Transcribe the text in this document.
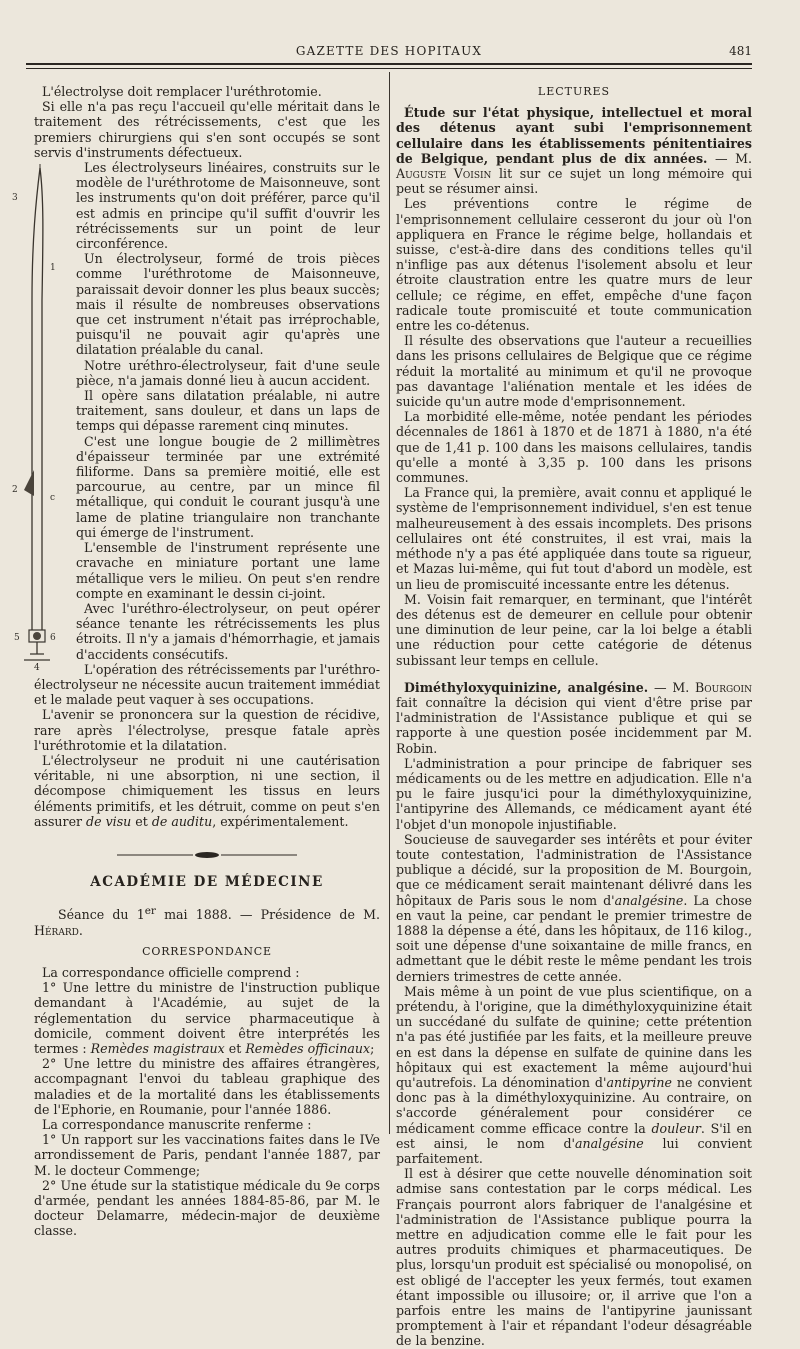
GAZETTE DES HOPITAUX	481

L'électrolyse doit remplacer l'uréthrotomie.

Si elle n'a pas reçu l'accueil qu'elle méritait dans le traitement des rétrécissements, c'est que les premiers chirurgiens qui s'en sont occupés se sont servis d'instruments défectueux.

3
1
2
c
5	6
4

Les électrolyseurs linéaires, construits sur le modèle de l'uréthrotome de Maisonneuve, sont les instruments qu'on doit préférer, parce qu'il est admis en principe qu'il suffit d'ouvrir les rétrécissements sur un point de leur circonférence.

Un électrolyseur, formé de trois pièces comme l'uréthrotome de Maisonneuve, paraissait devoir donner les plus beaux succès; mais il résulte de nombreuses observations que cet instrument n'était pas irréprochable, puisqu'il ne pouvait agir qu'après une dilatation préalable du canal.

Notre uréthro-électrolyseur, fait d'une seule pièce, n'a jamais donné lieu à aucun accident.

Il opère sans dilatation préalable, ni autre traitement, sans douleur, et dans un laps de temps qui dépasse rarement cinq minutes.

C'est une longue bougie de 2 millimètres d'épaisseur terminée par une extrémité filiforme. Dans sa première moitié, elle est parcourue, au centre, par un mince fil métallique, qui conduit le courant jusqu'à une lame de platine triangulaire non tranchante qui émerge de l'instrument.

L'ensemble de l'instrument représente une cravache en miniature portant une lame métallique vers le milieu. On peut s'en rendre compte en examinant le dessin ci-joint.

Avec l'uréthro-électrolyseur, on peut opérer séance tenante les rétrécissements les plus étroits. Il n'y a jamais d'hémorrhagie, et jamais d'accidents consécutifs.

L'opération des rétrécissements par l'uréthro-électrolyseur ne nécessite aucun traitement immédiat et le malade peut vaquer à ses occupations.

L'avenir se prononcera sur la question de récidive, rare après l'électrolyse, presque fatale après l'uréthrotomie et la dilatation.

L'électrolyseur ne produit ni une cautérisation véritable, ni une absorption, ni une section, il décompose chimiquement les tissus en leurs éléments primitifs, et les détruit, comme on peut s'en assurer de visu et de auditu, expérimentalement.

ACADÉMIE DE MÉDECINE

Séance du 1er mai 1888. — Présidence de M. Hérard.

CORRESPONDANCE

La correspondance officielle comprend :

1° Une lettre du ministre de l'instruction publique demandant à l'Académie, au sujet de la réglementation du service pharmaceutique à domicile, comment doivent être interprétés les termes : Remèdes magistraux et Remèdes officinaux;

2° Une lettre du ministre des affaires étrangères, accompagnant l'envoi du tableau graphique des maladies et de la mortalité dans les établissements de l'Ephorie, en Roumanie, pour l'année 1886.

La correspondance manuscrite renferme :

1° Un rapport sur les vaccinations faites dans le IVe arrondissement de Paris, pendant l'année 1887, par M. le docteur Commenge;

2° Une étude sur la statistique médicale du 9e corps d'armée, pendant les années 1884-85-86, par M. le docteur Delamarre, médecin-major de deuxième classe.

LECTURES

Étude sur l'état physique, intellectuel et moral des détenus ayant subi l'emprisonnement cellulaire dans les établissements pénitentiaires de Belgique, pendant plus de dix années. — M. Auguste Voisin lit sur ce sujet un long mémoire qui peut se résumer ainsi.

Les préventions contre le régime de l'emprisonnement cellulaire cesseront du jour où l'on appliquera en France le régime belge, hollandais et suisse, c'est-à-dire dans des conditions telles qu'il n'inflige pas aux détenus l'isolement absolu et leur étroite claustration entre les quatre murs de leur cellule; ce régime, en effet, empêche d'une façon radicale toute promiscuité et toute communication entre les co-détenus.

Il résulte des observations que l'auteur a recueillies dans les prisons cellulaires de Belgique que ce régime réduit la mortalité au minimum et qu'il ne provoque pas davantage l'aliénation mentale et les idées de suicide qu'un autre mode d'emprisonnement.

La morbidité elle-même, notée pendant les périodes décennales de 1861 à 1870 et de 1871 à 1880, n'a été que de 1,41 p. 100 dans les maisons cellulaires, tandis qu'elle a monté à 3,35 p. 100 dans les prisons communes.

La France qui, la première, avait connu et appliqué le système de l'emprisonnement individuel, s'en est tenue malheureusement à des essais incomplets. Des prisons cellulaires ont été construites, il est vrai, mais la méthode n'y a pas été appliquée dans toute sa rigueur, et Mazas lui-même, qui fut tout d'abord un modèle, est un lieu de promiscuité incessante entre les détenus.

M. Voisin fait remarquer, en terminant, que l'intérêt des détenus est de demeurer en cellule pour obtenir une diminution de leur peine, car la loi belge a établi une réduction pour cette catégorie de détenus subissant leur temps en cellule.

Diméthyloxyquinizine, analgésine. — M. Bourgoin fait connaître la décision qui vient d'être prise par l'administration de l'Assistance publique et qui se rapporte à une question posée incidemment par M. Robin.

L'administration a pour principe de fabriquer ses médicaments ou de les mettre en adjudication. Elle n'a pu le faire jusqu'ici pour la diméthyloxyquinizine, l'antipyrine des Allemands, ce médicament ayant été l'objet d'un monopole injustifiable.

Soucieuse de sauvegarder ses intérêts et pour éviter toute contestation, l'administration de l'Assistance publique a décidé, sur la proposition de M. Bourgoin, que ce médicament serait maintenant délivré dans les hôpitaux de Paris sous le nom d'analgésine. La chose en vaut la peine, car pendant le premier trimestre de 1888 la dépense a été, dans les hôpitaux, de 116 kilog., soit une dépense d'une soixantaine de mille francs, en admettant que le débit reste le même pendant les trois derniers trimestres de cette année.

Mais même à un point de vue plus scientifique, on a prétendu, à l'origine, que la diméthyloxyquinizine était un succédané du sulfate de quinine; cette prétention n'a pas été justifiée par les faits, et la meilleure preuve en est dans la dépense en sulfate de quinine dans les hôpitaux qui est exactement la même aujourd'hui qu'autrefois. La dénomination d'antipyrine ne convient donc pas à la diméthyloxyquinizine. Au contraire, on s'accorde généralement pour considérer ce médicament comme efficace contre la douleur. S'il en est ainsi, le nom d'analgésine lui convient parfaitement.

Il est à désirer que cette nouvelle dénomination soit admise sans contestation par le corps médical. Les Français pourront alors fabriquer de l'analgésine et l'administration de l'Assistance publique pourra la mettre en adjudication comme elle le fait pour les autres produits chimiques et pharmaceutiques. De plus, lorsqu'un produit est spécialisé ou monopolisé, on est obligé de l'accepter les yeux fermés, tout examen étant impossible ou illusoire; or, il arrive que l'on a parfois entre les mains de l'antipyrine jaunissant promptement à l'air et répandant l'odeur désagréable de la benzine.
